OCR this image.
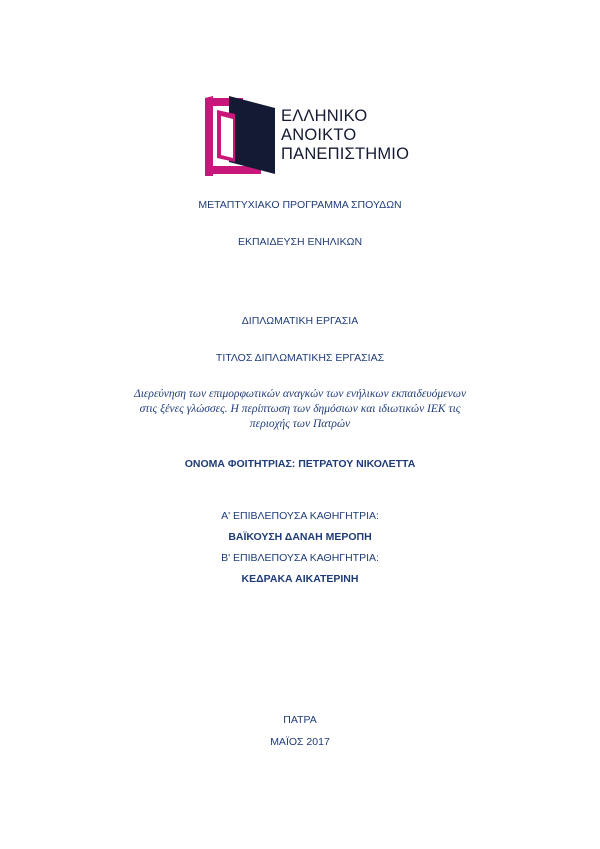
ΕΛΛΗΝΙΚΟ
ΑΝΟΙΚΤΟ
ΠΑΝΕΠΙΣΤΗΜΙΟ
ΜΕΤΑΠΤΥΧΙΑΚΟ ΠΡΟΓΡΑΜΜΑ ΣΠΟΥΔΩΝ
ΕΚΠΑΙΔΕΥΣΗ ΕΝΗΛΙΚΩΝ
ΔΙΠΛΩΜΑΤΙΚΗ ΕΡΓΑΣΙΑ
ΤΙΤΛΟΣ ΔΙΠΛΩΜΑΤΙΚΗΣ ΕΡΓΑΣΙΑΣ
Διερεύνηση των επιμορφωτικών αναγκών των ενήλικων εκπαιδευόμενων
στις ξένες γλώσσες. Η περίπτωση των δημόσιων και ιδιωτικών ΙΕΚ τις
περιοχής των Πατρών
ΟΝΟΜΑ ΦΟΙΤΗΤΡΙΑΣ: ΠΕΤΡΑΤΟΥ ΝΙΚΟΛΕΤΤΑ
Α' ΕΠΙΒΛΕΠΟΥΣΑ ΚΑΘΗΓΗΤΡΙΑ:
ΒΑΪΚΟΥΣΗ ΔΑΝΑΗ ΜΕΡΟΠΗ
Β' ΕΠΙΒΛΕΠΟΥΣΑ ΚΑΘΗΓΗΤΡΙΑ:
ΚΕΔΡΑΚΑ ΑΙΚΑΤΕΡΙΝΗ
ΠΑΤΡΑ
ΜΑΪΟΣ 2017
